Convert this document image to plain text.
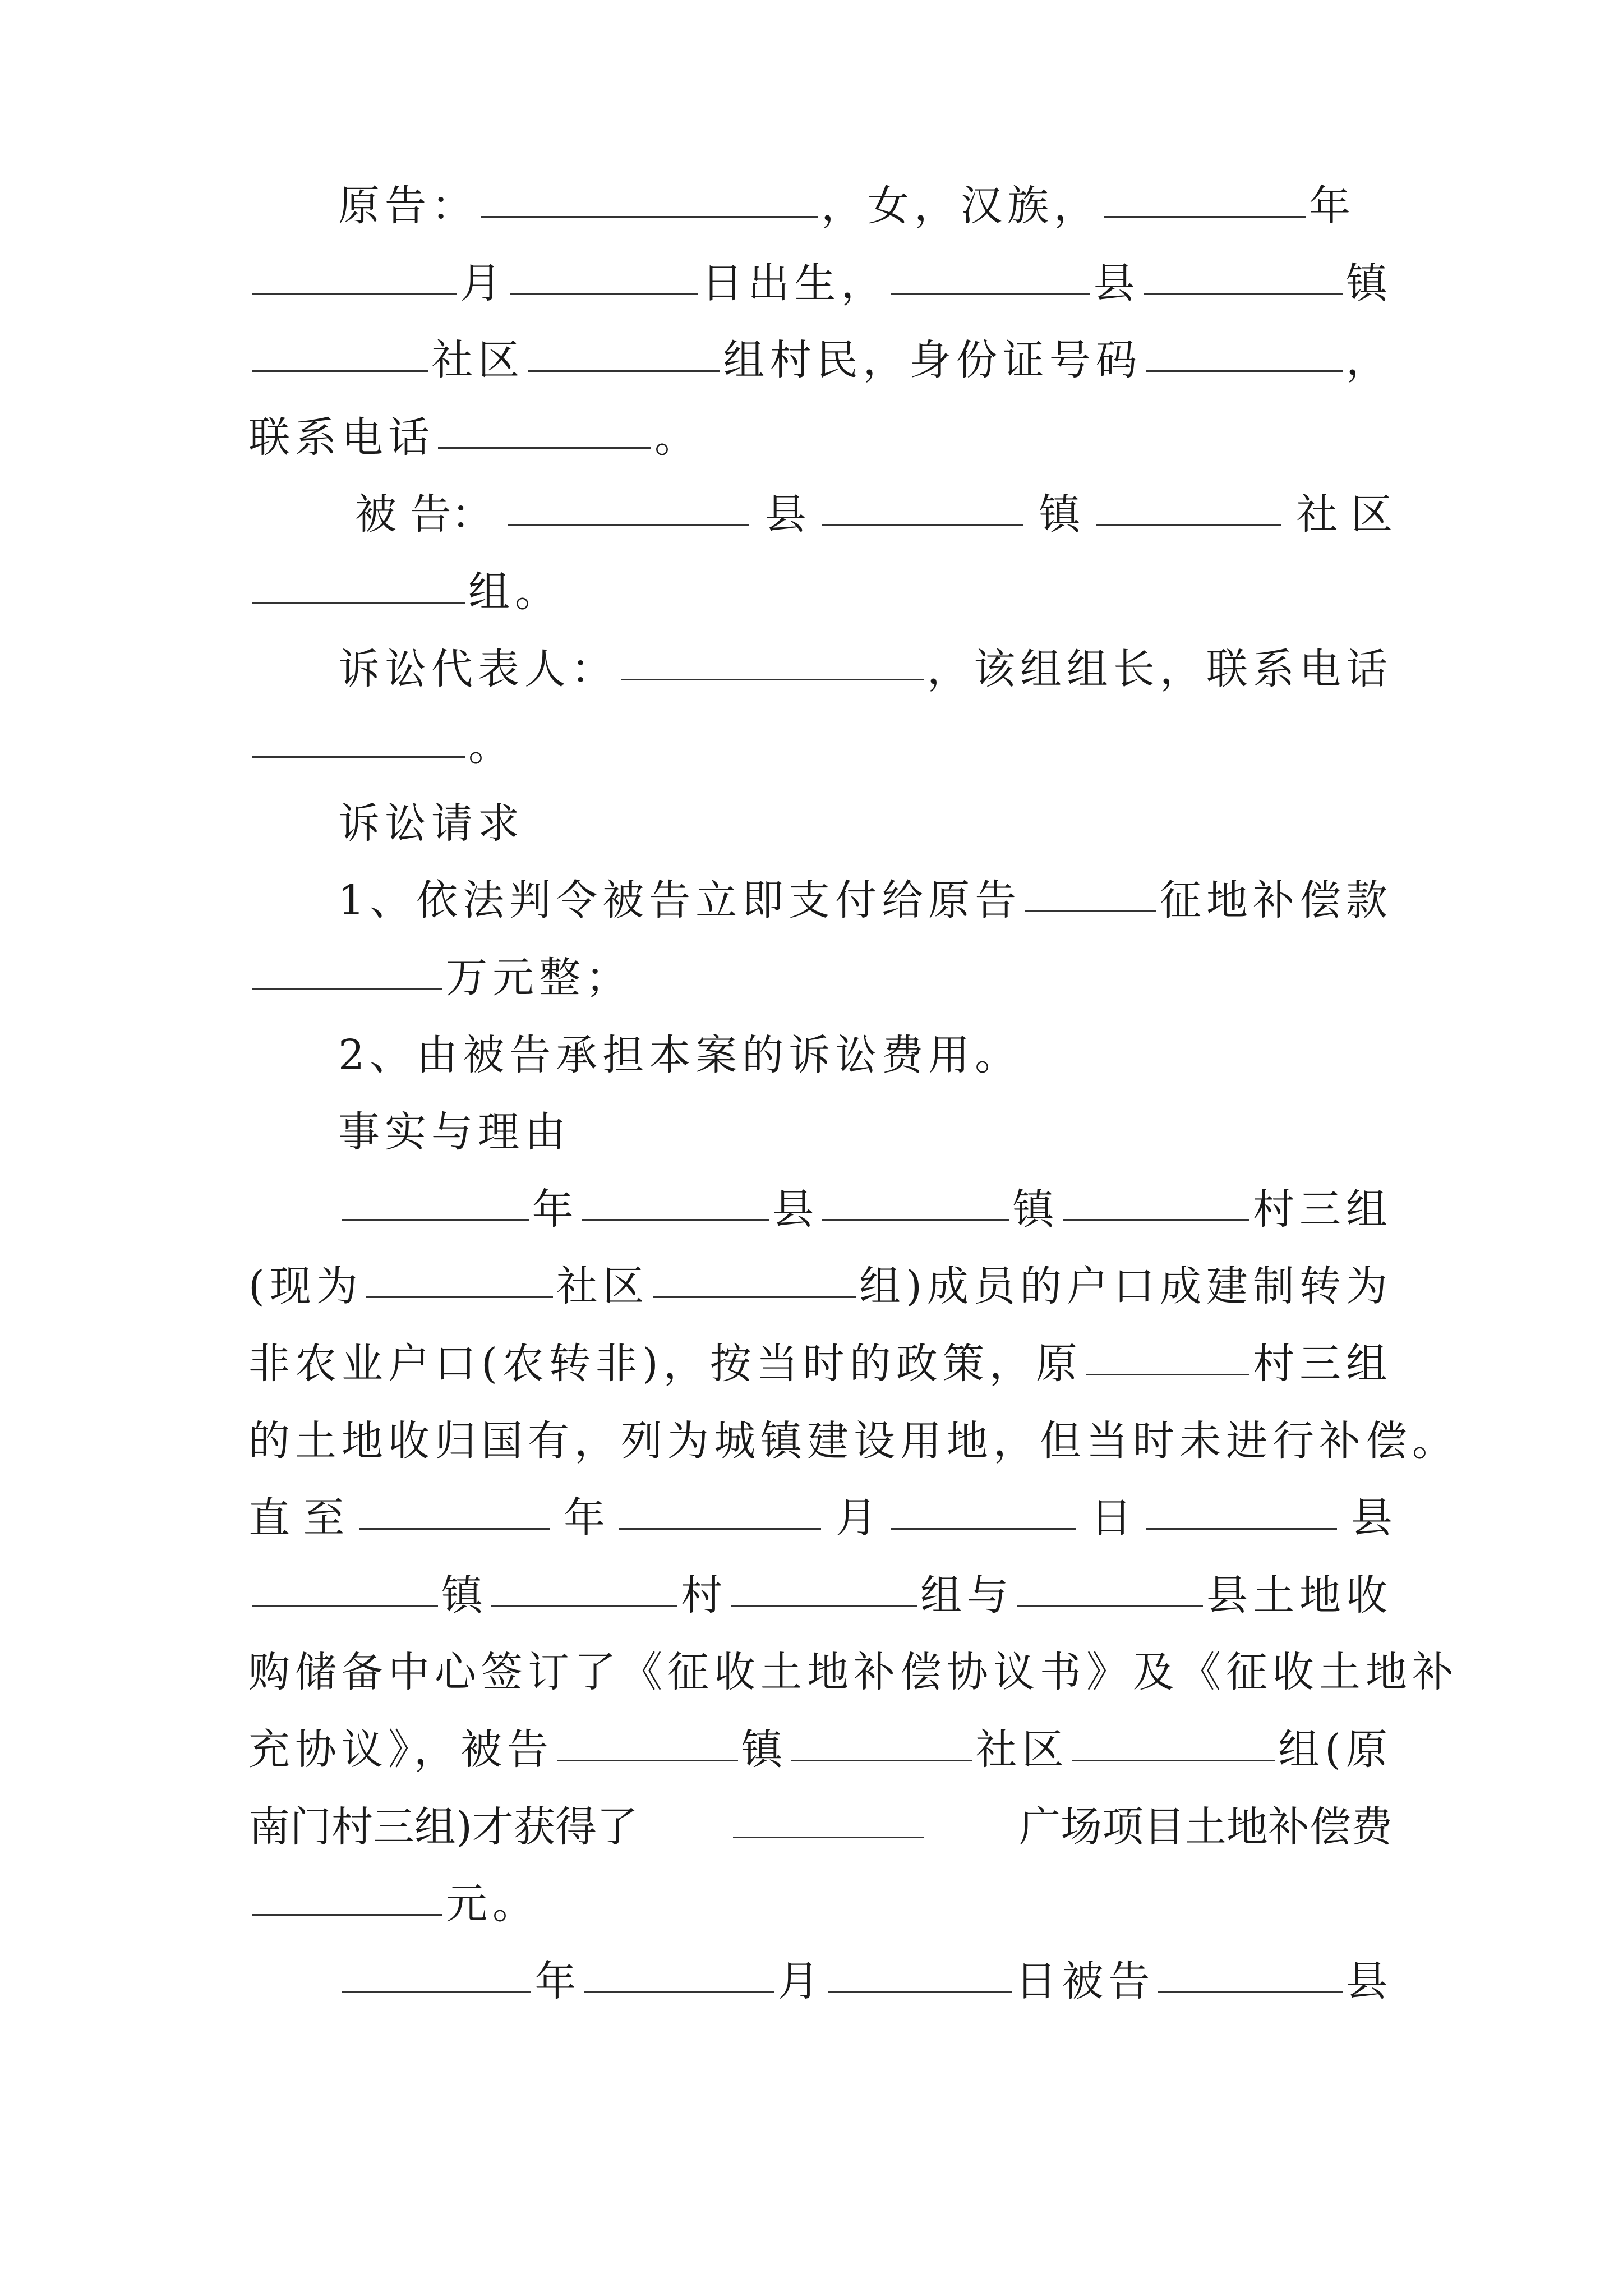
原告：	，女，汉族，	年
月	日出生，	县	镇
社区	组村民，身份证号码	，
联系电话	。
被 告：	县	镇	社 区
组。
诉讼代表人：	，该组组长，联系电话
。
诉讼请求
1、依法判令被告立即支付给原告	征地补偿款
万元整；
2、由被告承担本案的诉讼费用。
事实与理由
年	县	镇	村三组
(现为	社区	组)成员的户口成建制转为
非农业户口(农转非)，按当时的政策，原	村三组
的土地收归国有，列为城镇建设用地，但当时未进行补偿。
直 至	年	月	日	县
镇	村	组与	县土地收
购储备中心签订了《征收土地补偿协议书》及《征收土地补
充协议》，被告	镇	社区	组(原
南门村三组)才获得了	广场项目土地补偿费
元。
年	月	日被告	县
